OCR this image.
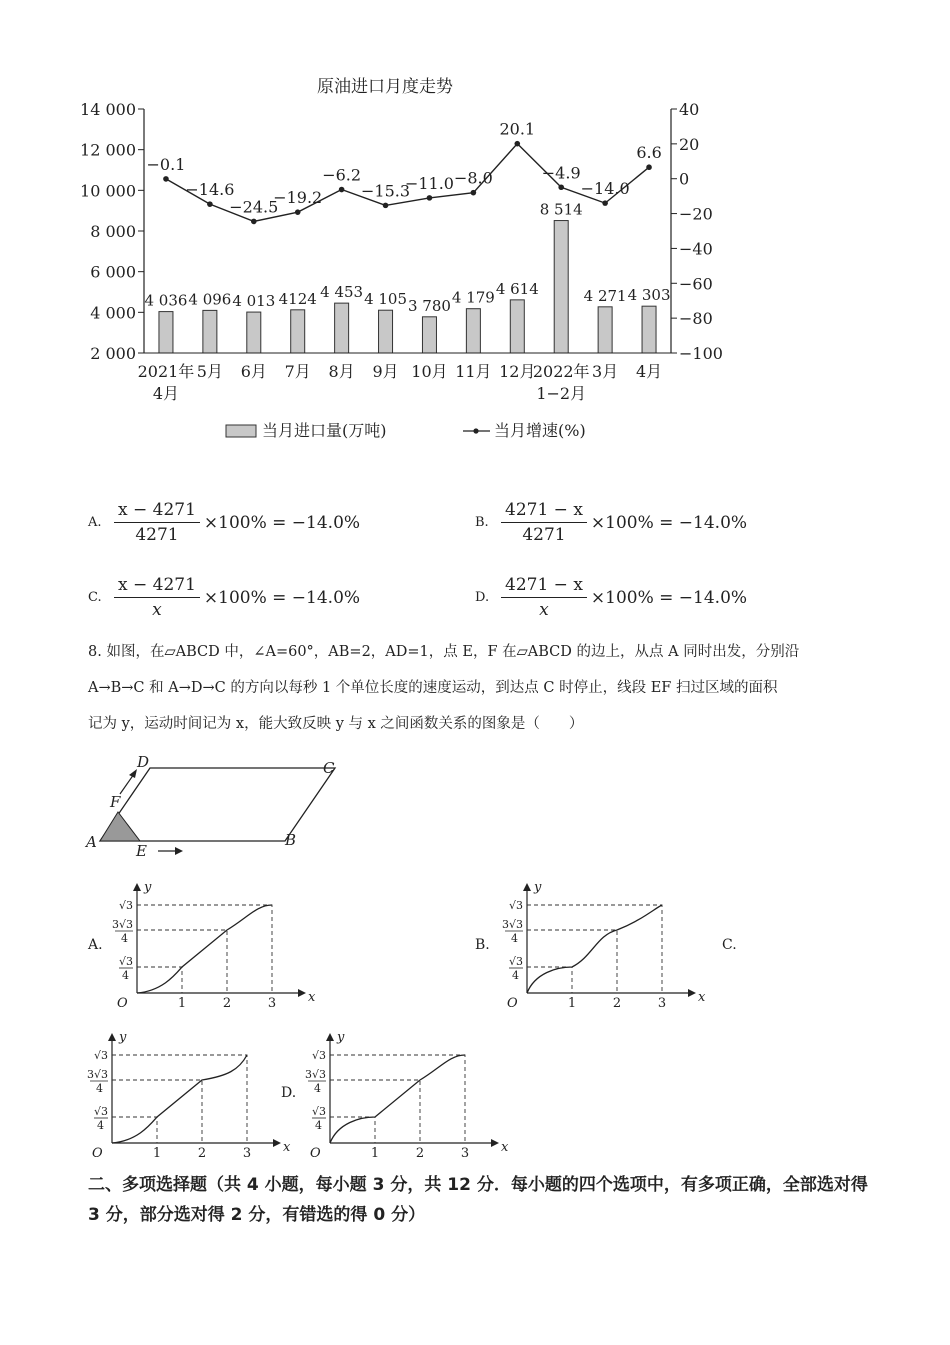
原油进口月度走势
2 000
4 000
6 000
8 000
10 000
12 000
14 000
−100
−80
−60
−40
−20
0
20
40
4 036 4 096 4 013 4124 4 453 4 105 3 780 4 179 4 614
8 514
4 271 4 303
−0.1
−14.6
−24.5
−19.2
−6.2
−15.3
−11.0 −8.0
20.1
−4.9
−14.0
6.6
2021年
4月
5月 6月 7月 8月 9月 10月 11月 12月
2022年
1−2月
3月 4月
当月进口量(万吨)	当月增速(%)
A. $\frac{x - 4271}{4271} \times 100\% = -14.0\%$	B. $\frac{4271 - x}{4271} \times 100\% = -14.0\%$
C. $\frac{x - 4271}{x} \times 100\% = -14.0\%$	D. $\frac{4271 - x}{x} \times 100\% = -14.0\%$

8. 如图，在▱ABCD 中，∠A=60°，AB=2，AD=1，点 E，F 在▱ABCD 的边上，从点 A 同时出发，分别沿

A→B→C 和 A→D→C 的方向以每秒 1 个单位长度的速度运动，到达点 C 时停止，线段 EF 扫过区域的面积

记为 y，运动时间记为 x，能大致反映 y 与 x 之间函数关系的图象是（　　）

A	B
C
D
E
F
A.	B.	C.
D.
O	x
y
1	2	3
√3
3√3
4
√3
4
O	x
y
1	2	3
√3
3√3
4
√3
4
O	x
y
1	2	3
√3
3√3
4
√3
4
O	x
y
1	2	3
√3
3√3
4
√3
4
二、多项选择题（共 4 小题，每小题 3 分，共 12 分．每小题的四个选项中，有多项正确，全部选对得 3 分，部分选对得 2 分，有错选的得 0 分）
